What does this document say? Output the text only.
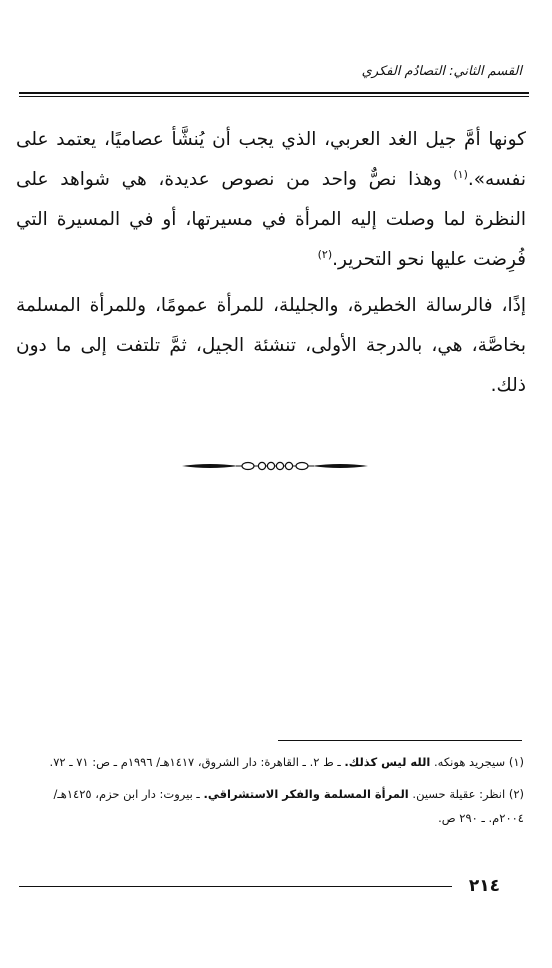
القسم الثاني: التصادُم الفكري

كونها أمَّ جيل الغد العربي، الذي يجب أن يُنشَّأ عصاميًا، يعتمد على نفسه».$^{(١)}$ وهذا نصٌّ واحد من نصوص عديدة، هي شواهد على النظرة لما وصلت إليه المرأة في مسيرتها، أو في المسيرة التي فُرِضت عليها نحو التحرير.$^{(٢)}$

إذًا، فالرسالة الخطيرة، والجليلة، للمرأة عمومًا، وللمرأة المسلمة بخاصَّة، هي، بالدرجة الأولى، تنشئة الجيل، ثمَّ تلتفت إلى ما دون ذلك.

(١) سيجريد هونكه. الله ليس كذلك. ـ ط ٢. ـ القاهرة: دار الشروق، ١٤١٧هـ/ ١٩٩٦م ـ ص: ٧١ ـ ٧٢.

(٢) انظر: عقيلة حسين. المرأة المسلمة والفكر الاستشراقي. ـ بيروت: دار ابن حزم، ١٤٢٥هـ/ ٢٠٠٤م. ـ ٢٩٠ ص.

٢١٤
